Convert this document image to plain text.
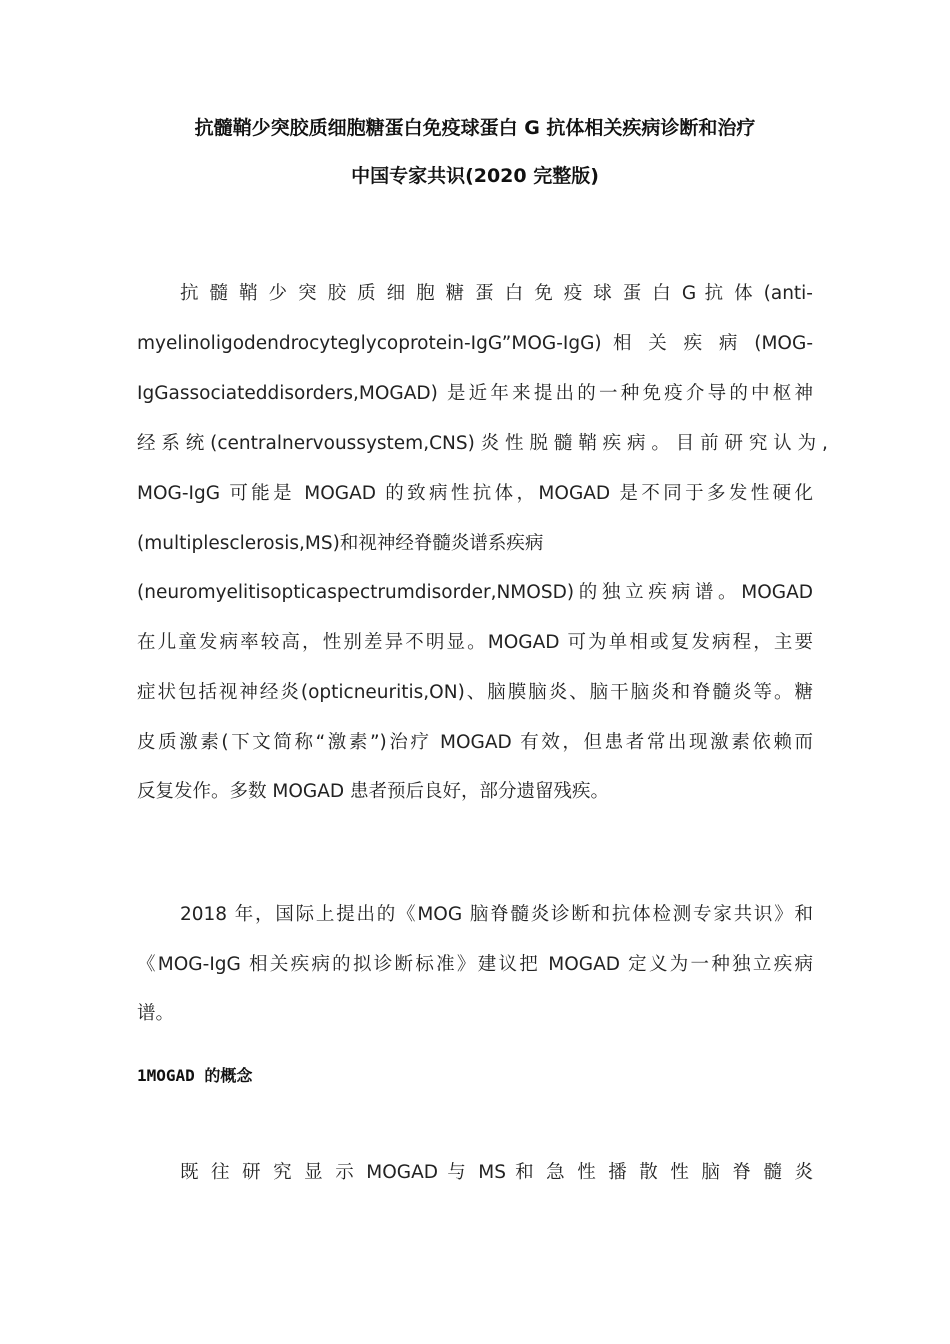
抗髓鞘少突胶质细胞糖蛋白免疫球蛋白 G 抗体相关疾病诊断和治疗
中国专家共识(2020 完整版)
抗 髓 鞘 少 突 胶 质 细 胞 糖 蛋 白 免 疫 球 蛋 白 G 抗 体 (anti-
myelinoligodendrocyteglycoprotein-IgG”MOG-IgG) 相 关 疾 病 (MOG-
IgGassociateddisorders,MOGAD) 是近年来提出的一种免疫介导的中枢神
经 系 统 (centralnervoussystem,CNS) 炎 性 脱 髓 鞘 疾 病 。 目 前 研 究 认 为 ,
MOG-IgG 可能是 MOGAD 的致病性抗体，MOGAD 是不同于多发性硬化
(multiplesclerosis,MS)和视神经脊髓炎谱系疾病
(neuromyelitisopticaspectrumdisorder,NMOSD)的独立疾病谱。MOGAD
在儿童发病率较高，性别差异不明显。MOGAD 可为单相或复发病程，主要
症状包括视神经炎(opticneuritis,ON)、脑膜脑炎、脑干脑炎和脊髓炎等。糖
皮质激素(下文简称“激素”)治疗 MOGAD 有效，但患者常出现激素依赖而
反复发作。多数 MOGAD 患者预后良好，部分遗留残疾。
2018 年，国际上提出的《MOG 脑脊髓炎诊断和抗体检测专家共识》和
《MOG-IgG 相关疾病的拟诊断标准》建议把 MOGAD 定义为一种独立疾病
谱。
1MOGAD 的概念
既 往 研 究 显 示 MOGAD 与 MS 和 急 性 播 散 性 脑 脊 髓 炎
